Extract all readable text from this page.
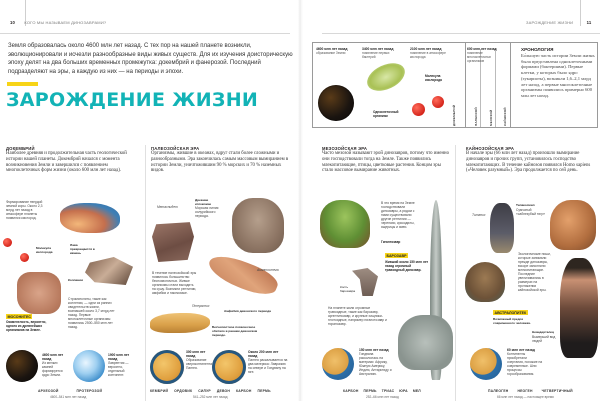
10 КОГО МЫ НАЗЫВАЕМ ДИНОЗАВРАМИ?	ЗАРОЖДЕНИЕ ЖИЗНИ	11
Земля образовалась около 4600 млн лет назад. С тех пор на нашей планете возникли, эволюционировали и исчезли разнообразные виды живых существ. Для их изучения доисторическую эпоху делят на два больших временных промежутка: докембрий и фанерозой. Последний подразделяют на эры, а каждую из них — на периоды и эпохи.
ЗАРОЖДЕНИЕ ЖИЗНИ
4600 млн лет назад
образование Земли
3400 млн лет назад
появление первых бактерий
2100 млн лет назад
появление в атмосфере кислорода
600 млн лет назад
появление многоклеточных организмов
Одноклеточный организм
Молекула кислорода
ДОКЕМБРИЙ	ПАЛЕОЗОЙ	МЕЗОЗОЙ	КАЙНОЗОЙ
ХРОНОЛОГИЯ
Бо́льшую часть истории Земли жизнь была представлена одноклеточными формами (бактериями). Первые клетки, у которых было ядро (эукариоты), возникли 1,6–2,1 млрд лет назад, а первые многоклеточные организмы появились примерно 600 млн лет назад.
ДОКЕМБРИЙ
Наиболее древняя и продолжительная часть геологической истории нашей планеты. Докембрий начался с момента возникновения Земли и завершился с появлением многоклеточных форм жизни (около 600 млн лет назад).
Формирование твердой земной коры. Около 2,3 млрд лет назад в атмосфере планеты появился кислород.
Молекула кислорода
Лава превращается в камень
Коллении
Строматолиты, такие как коллении, — одни из ранних свидетельств жизни, возникшей около 3,7 млрд лет назад. Первые многоклеточные организмы появились 2500–550 млн лет назад.
МОСОНИТЕС
Окаменелость, вероятно, одного из древнейших организмов на Земле.
4600 млн лет назад
Из мелких камней формируется ядро Земли.
1900 млн лет назад
Лаврентия — вероятно, отдельный континент.
АРХЕОЗОЙ	ПРОТЕРОЗОЙ
4600–541 млн лет назад
ПАЛЕОЗОЙСКАЯ ЭРА
Организмы, жившие в океанах, вдруг стали более сложными и разнообразными. Эра закончилась самым массовым вымиранием в истории Земли, уничтожившим 90 % морских и 70 % наземных видов.
Метаспидет
Древние иглокожие
Морская лилия силурийского периода.
В течение палеозойской эры появилось большинство беспозвоночных. Живые организмы стали выходить на сушу. Возникли рептилии, амфибии и насекомые.
Акантостега
Амфибия девонского периода
Птераспис
Бесчелюстное позвоночное обитало в раннем девонском периоде.
300 млн лет назад
Образование сверхконтинента Пангея.
Около 200 млн лет назад
Пангея раскалывается на два материка: Лавразию на севере и Гондвану на юге.
КЕМБРИЙ ОРДОВИК СИЛУР ДЕВОН КАРБОН ПЕРМЬ
541–252 млн лет назад
МЕЗОЗОЙСКАЯ ЭРА
Часто мезозой называют эрой динозавров, потому что именно они господствовали тогда на Земле. Также появились млекопитающие, птицы, цветковые растения. Концом эры стало массовое вымирание животных.
В это время на Земле господствовали динозавры, а рядом с ними существовали другие рептилии — черепахи, крокодилы, ящерицы и змеи.
Гигантозавр
БАРОЗАВР
Живший около 150 млн лет назад огромный травоядный динозавр.
Кость барозавра
На планете жили огромные травоядные, такие как барозавр, аргентинозавр, и крупные хищники-плотоядные, например гиганотозавр и тиранозавр.
150 млн лет назад
Гондвана раскололась на материки: Африку, Южную Америку, Индию, Антарктиду и Австралию.
КАРБОН ПЕРМЬ ТРИАС ЮРА МЕЛ
252–66 млн лет назад
КАЙНОЗОЙСКАЯ ЭРА
В начале эры (66 млн лет назад) произошло вымирание динозавров и прочих групп, установилось господство млекопитающих. В течение кайнозоя появился Homo sapiens («Человек разумный»). Эра продолжается по сей день.
Титанис
Тилакосмил
Сумчатый «саблезубый тигр»
Экологические ниши, которые занимали прежде динозавры, вскоре заполнили млекопитающие. Последние увеличивались в размерах на протяжении кайнозойской эры.
АВСТРАЛОПИТЕК
Возможный предок современного человека.
Неандерталец
Вымерший вид людей
60 млн лет назад
Континенты приобретали очертания, похожие на современные. Шли процессы горообразования.
ПАЛЕОГЕН	НЕОГЕН	ЧЕТВЕРТИЧНЫЙ
66 млн лет назад — настоящее время
